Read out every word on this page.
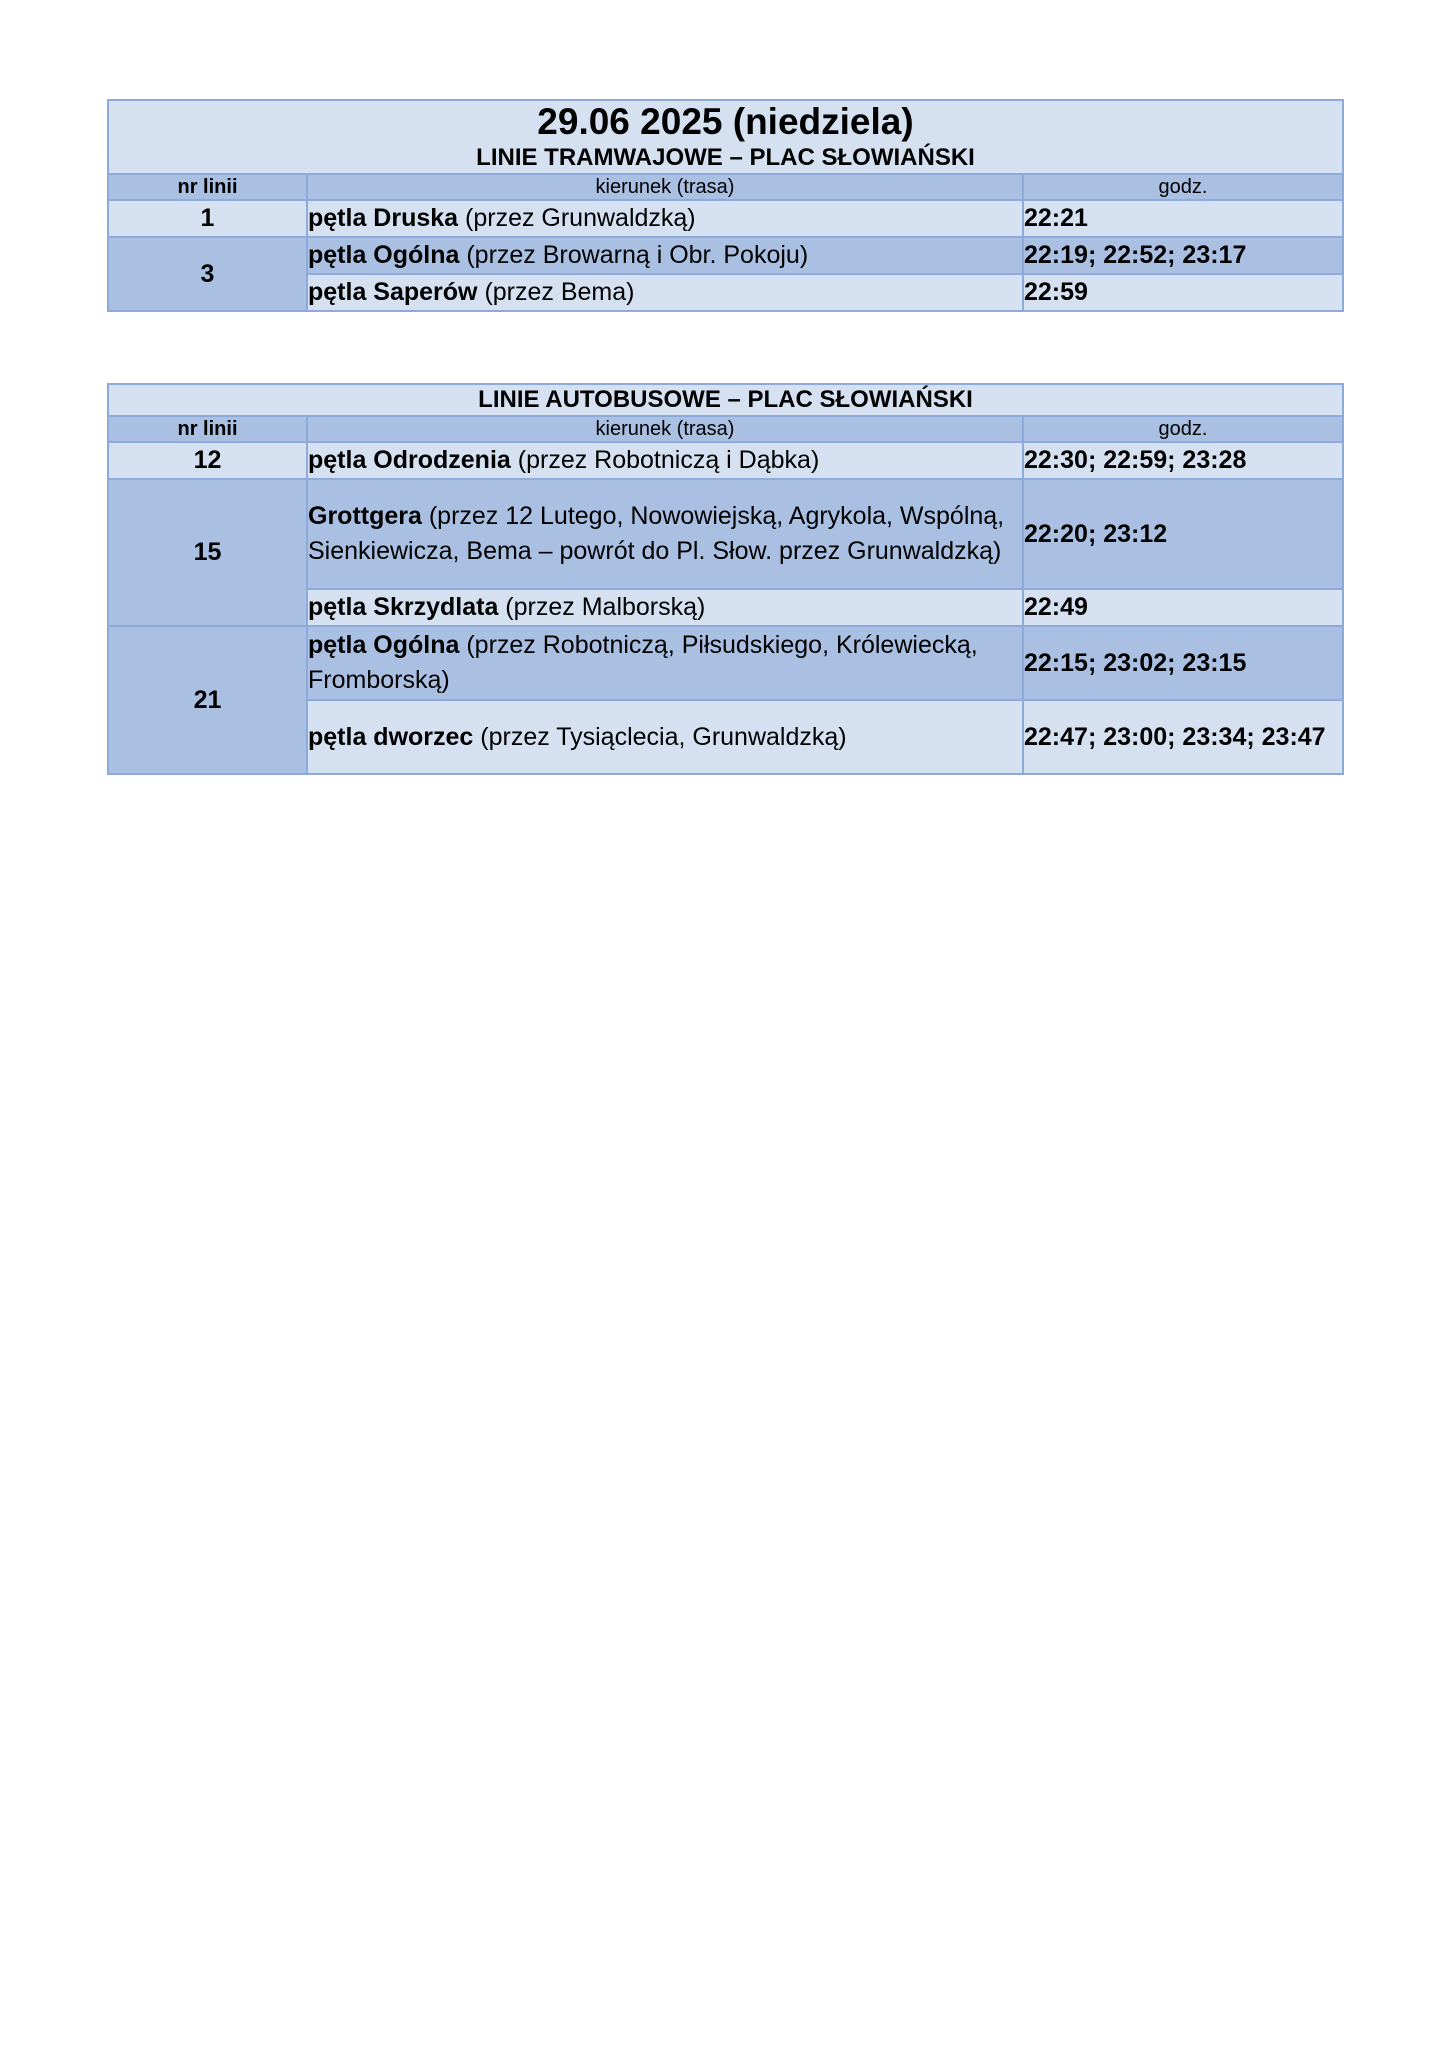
29.06 2025 (niedziela)
LINIE TRAMWAJOWE – PLAC SŁOWIAŃSKI		

nr linii	kierunek (trasa)	godz.
1	pętla Druska (przez Grunwaldzką)	22:21
3	pętla Ogólna (przez Browarną i Obr. Pokoju)	22:19; 22:52; 23:17
	pętla Saperów (przez Bema)	22:59
LINIE AUTOBUSOWE – PLAC SŁOWIAŃSKI		
nr linii	kierunek (trasa)	godz.
12	pętla Odrodzenia (przez Robotniczą i Dąbka)	22:30; 22:59; 23:28
15	Grottgera (przez 12 Lutego, Nowowiejską, Agrykola, Wspólną, Sienkiewicza, Bema – powrót do Pl. Słow. przez Grunwaldzką)	22:20; 23:12
	pętla Skrzydlata (przez Malborską)	22:49
21	pętla Ogólna (przez Robotniczą, Piłsudskiego, Królewiecką, Fromborską)	22:15; 23:02; 23:15
	pętla dworzec (przez Tysiąclecia, Grunwaldzką)	22:47; 23:00; 23:34; 23:47
